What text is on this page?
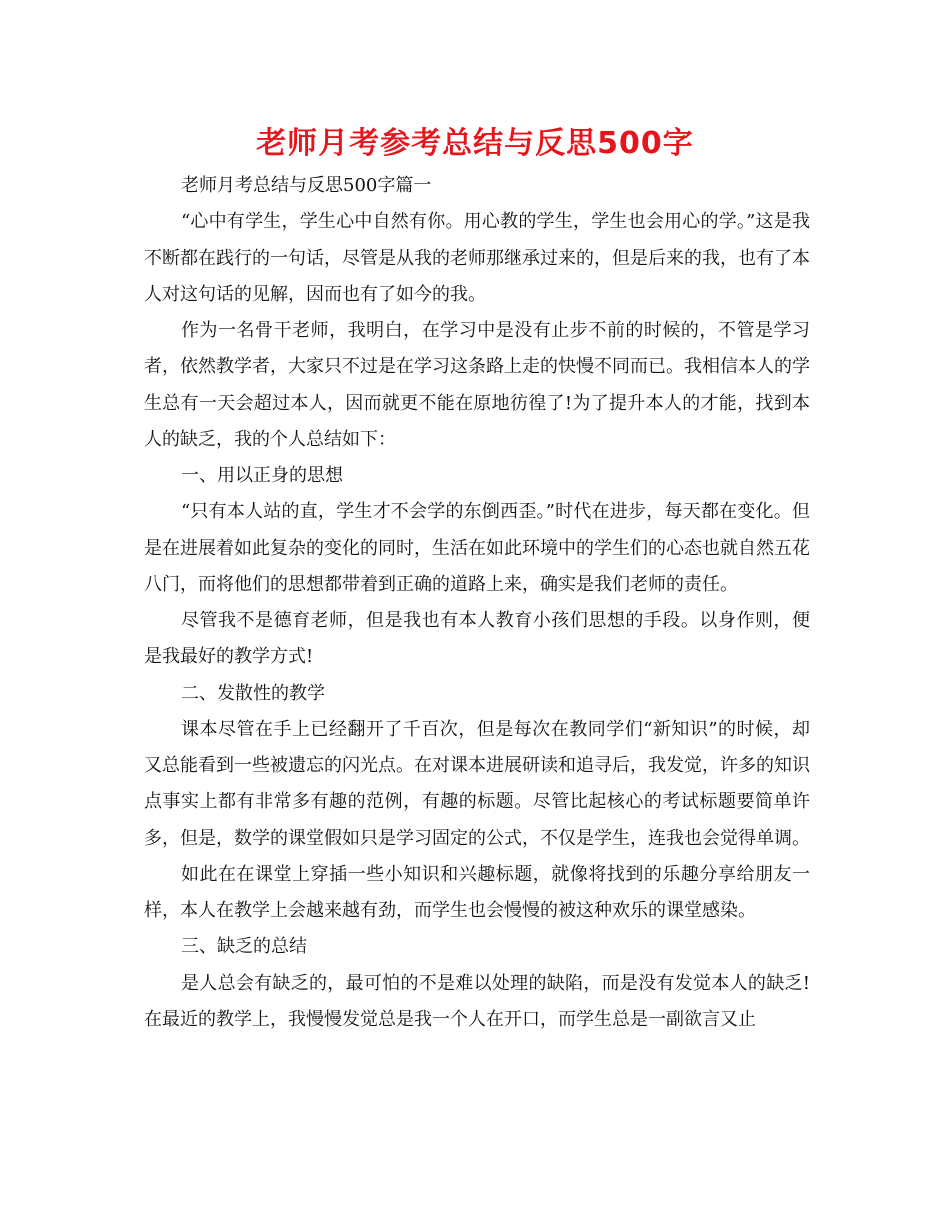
老师月考参考总结与反思500字

老师月考总结与反思500字篇一

“心中有学生，学生心中自然有你。用心教的学生，学生也会用心的学。”这是我不断都在践行的一句话，尽管是从我的老师那继承过来的，但是后来的我，也有了本人对这句话的见解，因而也有了如今的我。

作为一名骨干老师，我明白，在学习中是没有止步不前的时候的，不管是学习者，依然教学者，大家只不过是在学习这条路上走的快慢不同而已。我相信本人的学生总有一天会超过本人，因而就更不能在原地彷徨了!为了提升本人的才能，找到本人的缺乏，我的个人总结如下：

一、用以正身的思想

“只有本人站的直，学生才不会学的东倒西歪。”时代在进步，每天都在变化。但是在进展着如此复杂的变化的同时，生活在如此环境中的学生们的心态也就自然五花八门，而将他们的思想都带着到正确的道路上来，确实是我们老师的责任。

尽管我不是德育老师，但是我也有本人教育小孩们思想的手段。以身作则，便是我最好的教学方式!

二、发散性的教学

课本尽管在手上已经翻开了千百次，但是每次在教同学们“新知识”的时候，却又总能看到一些被遗忘的闪光点。在对课本进展研读和追寻后，我发觉，许多的知识点事实上都有非常多有趣的范例，有趣的标题。尽管比起核心的考试标题要简单许多，但是，数学的课堂假如只是学习固定的公式，不仅是学生，连我也会觉得单调。

如此在在课堂上穿插一些小知识和兴趣标题，就像将找到的乐趣分享给朋友一样，本人在教学上会越来越有劲，而学生也会慢慢的被这种欢乐的课堂感染。

三、缺乏的总结

是人总会有缺乏的，最可怕的不是难以处理的缺陷，而是没有发觉本人的缺乏!在最近的教学上，我慢慢发觉总是我一个人在开口，而学生总是一副欲言又止
